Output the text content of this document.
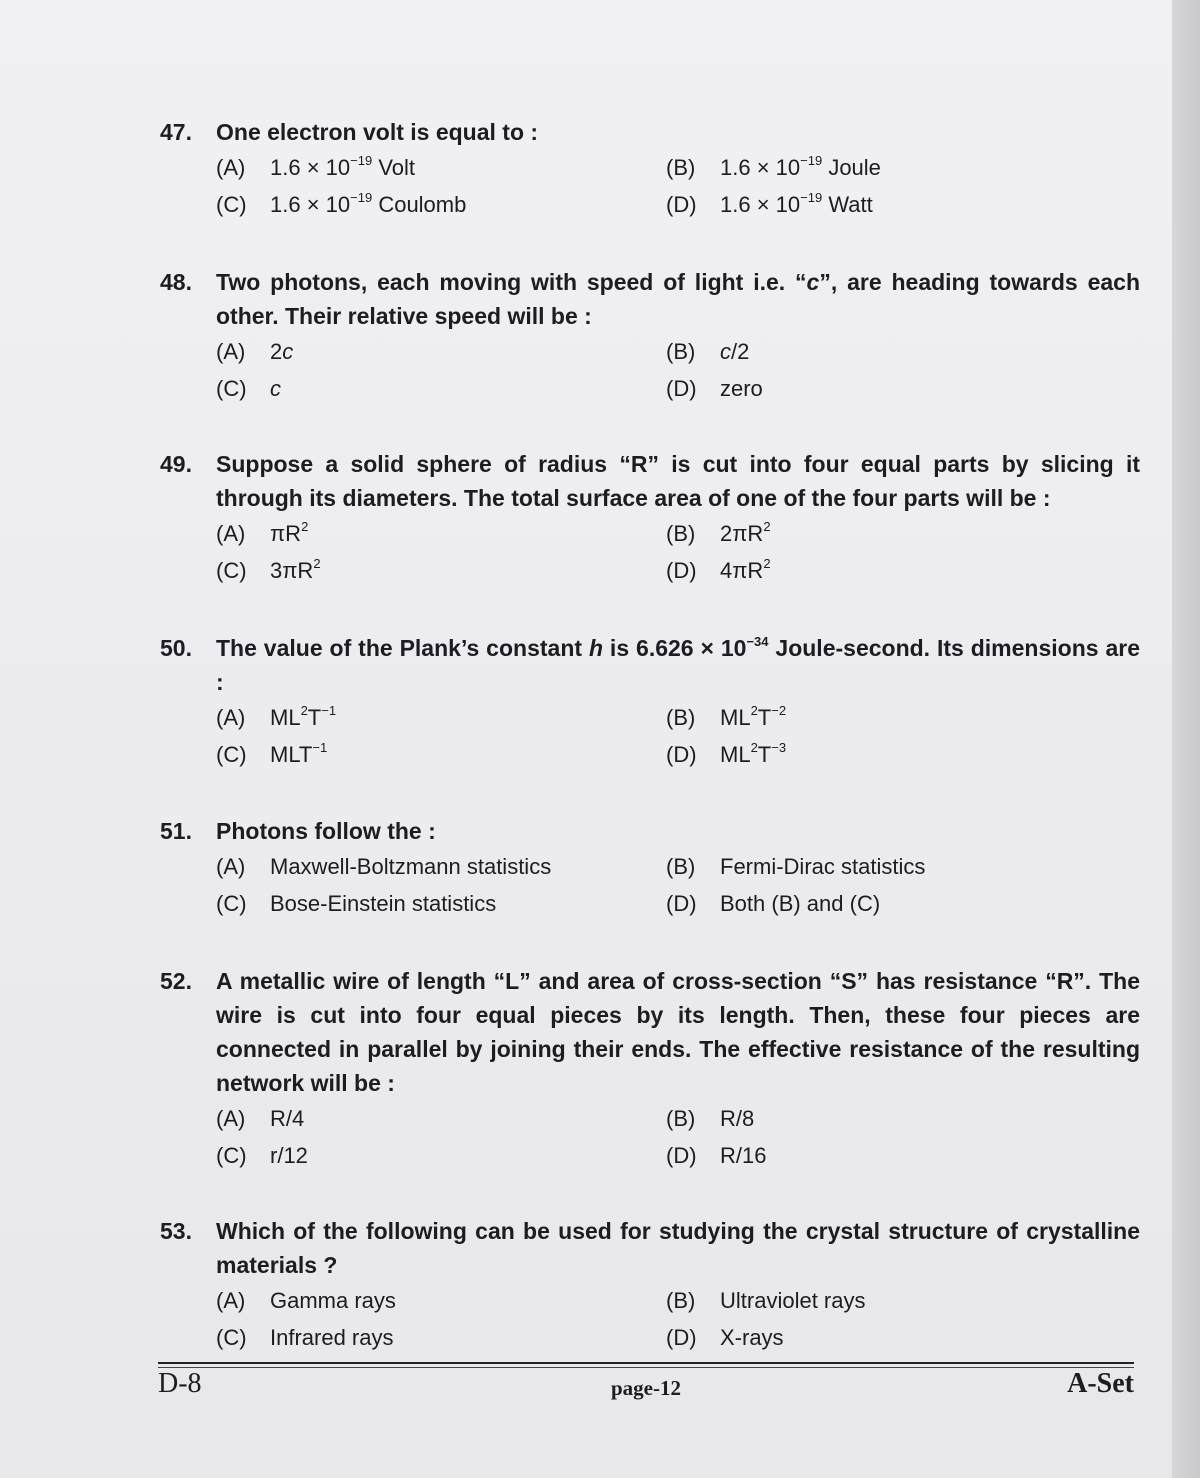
47.	One electron volt is equal to :
(A)	$1.6 \times 10^{-19}$ Volt	(B)	$1.6 \times 10^{-19}$ Joule
(C)	$1.6 \times 10^{-19}$ Coulomb	(D)	$1.6 \times 10^{-19}$ Watt
48.	Two photons, each moving with speed of light i.e. “c”, are heading towards each other. Their relative speed will be :
(A)	2c	(B)	c/2
(C)	c	(D)	zero
49.	Suppose a solid sphere of radius “R” is cut into four equal parts by slicing it through its diameters. The total surface area of one of the four parts will be :
(A)	$\pi R^2$	(B)	$2\pi R^2$
(C)	$3\pi R^2$	(D)	$4\pi R^2$
50.	The value of the Plank’s constant h is $6.626 \times 10^{-34}$ Joule-second. Its dimensions are :
(A)	$ML^2T^{-1}$	(B)	$ML^2T^{-2}$
(C)	$MLT^{-1}$	(D)	$ML^2T^{-3}$
51.	Photons follow the :
(A)	Maxwell-Boltzmann statistics	(B)	Fermi-Dirac statistics
(C)	Bose-Einstein statistics	(D)	Both (B) and (C)
52.	A metallic wire of length “L” and area of cross-section “S” has resistance “R”. The wire is cut into four equal pieces by its length. Then, these four pieces are connected in parallel by joining their ends. The effective resistance of the resulting network will be :
(A)	R/4	(B)	R/8
(C)	r/12	(D)	R/16
53.	Which of the following can be used for studying the crystal structure of crystalline materials ?
(A)	Gamma rays	(B)	Ultraviolet rays
(C)	Infrared rays	(D)	X-rays
D-8	page-12	A-Set
